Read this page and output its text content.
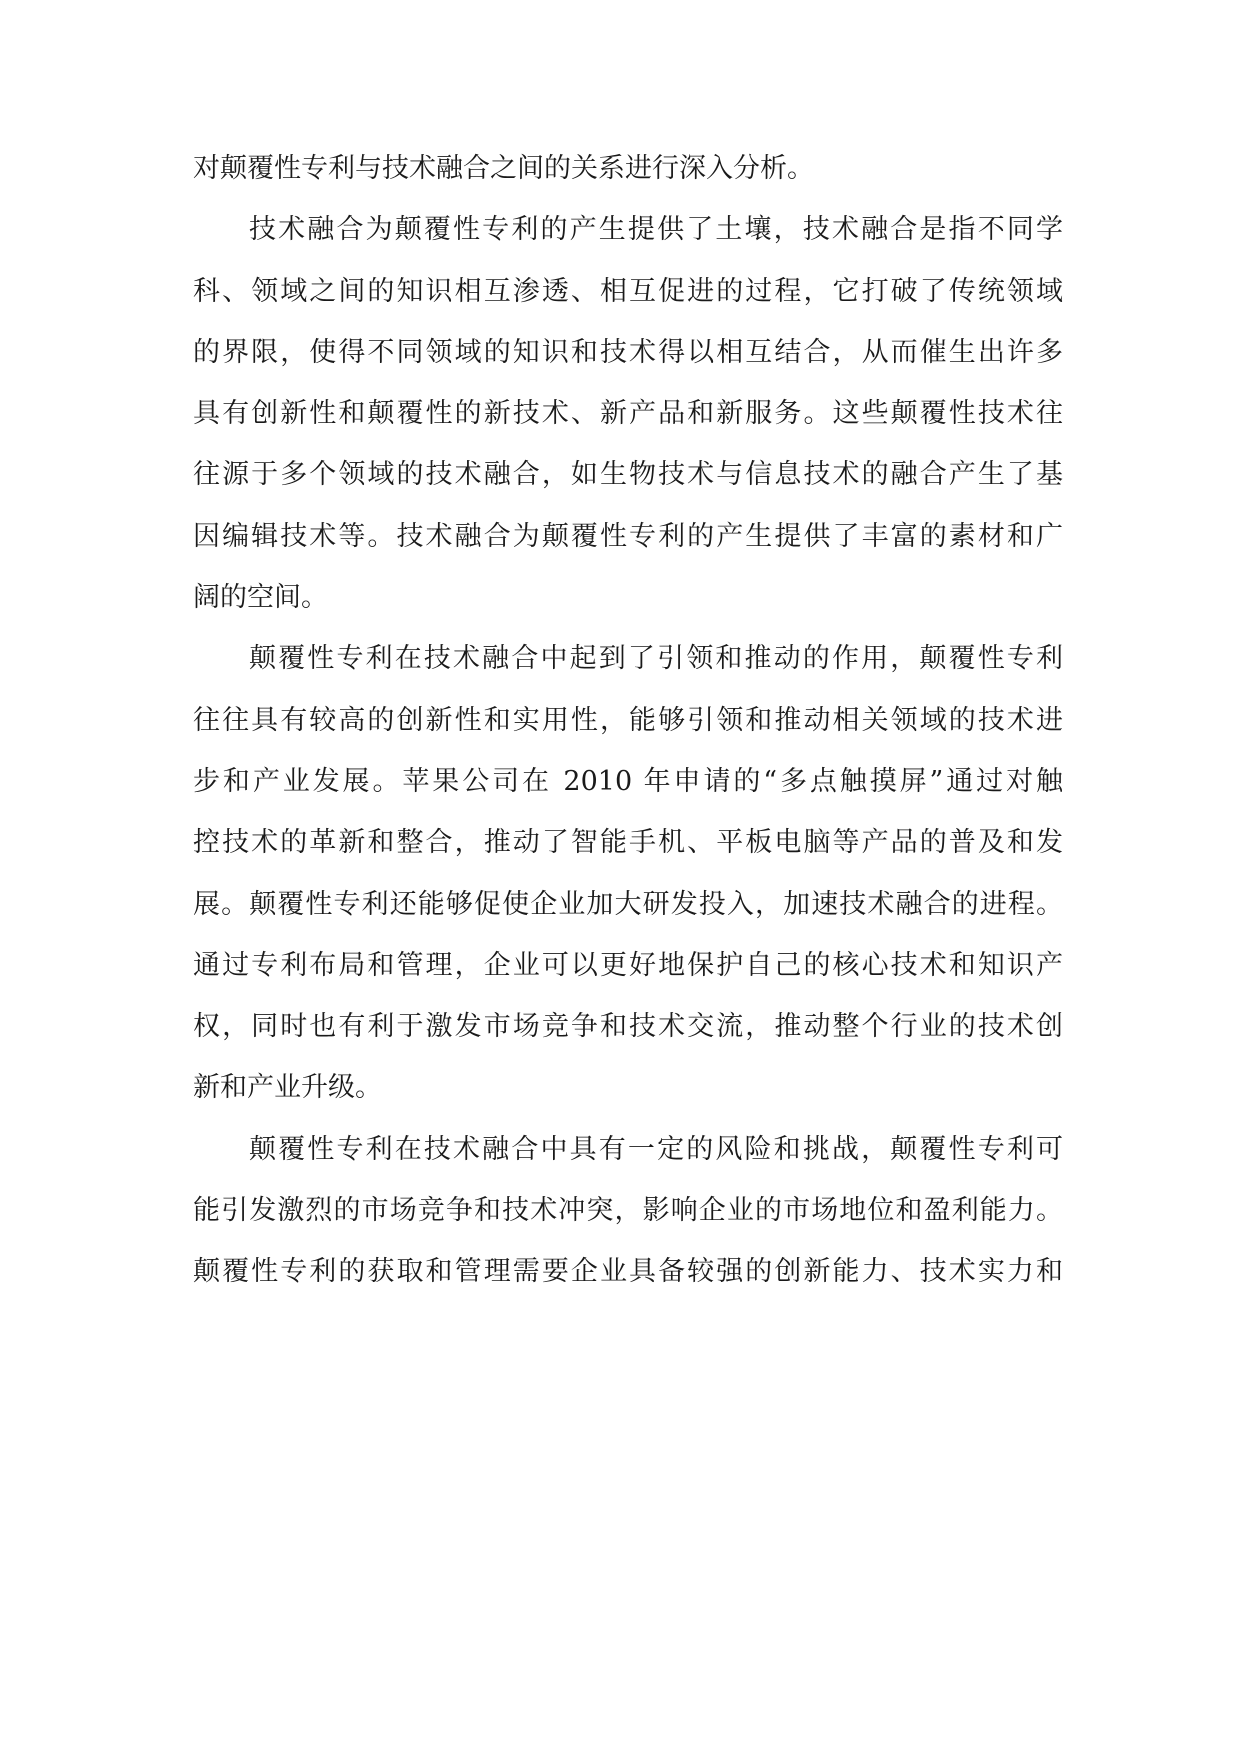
对颠覆性专利与技术融合之间的关系进行深入分析。
技术融合为颠覆性专利的产生提供了土壤，技术融合是指不同学
科、领域之间的知识相互渗透、相互促进的过程，它打破了传统领域
的界限，使得不同领域的知识和技术得以相互结合，从而催生出许多
具有创新性和颠覆性的新技术、新产品和新服务。这些颠覆性技术往
往源于多个领域的技术融合，如生物技术与信息技术的融合产生了基
因编辑技术等。技术融合为颠覆性专利的产生提供了丰富的素材和广
阔的空间。
颠覆性专利在技术融合中起到了引领和推动的作用，颠覆性专利
往往具有较高的创新性和实用性，能够引领和推动相关领域的技术进
步和产业发展。苹果公司在 2010 年申请的“多点触摸屏”通过对触
控技术的革新和整合，推动了智能手机、平板电脑等产品的普及和发
展。颠覆性专利还能够促使企业加大研发投入，加速技术融合的进程。
通过专利布局和管理，企业可以更好地保护自己的核心技术和知识产
权，同时也有利于激发市场竞争和技术交流，推动整个行业的技术创
新和产业升级。
颠覆性专利在技术融合中具有一定的风险和挑战，颠覆性专利可
能引发激烈的市场竞争和技术冲突，影响企业的市场地位和盈利能力。
颠覆性专利的获取和管理需要企业具备较强的创新能力、技术实力和
